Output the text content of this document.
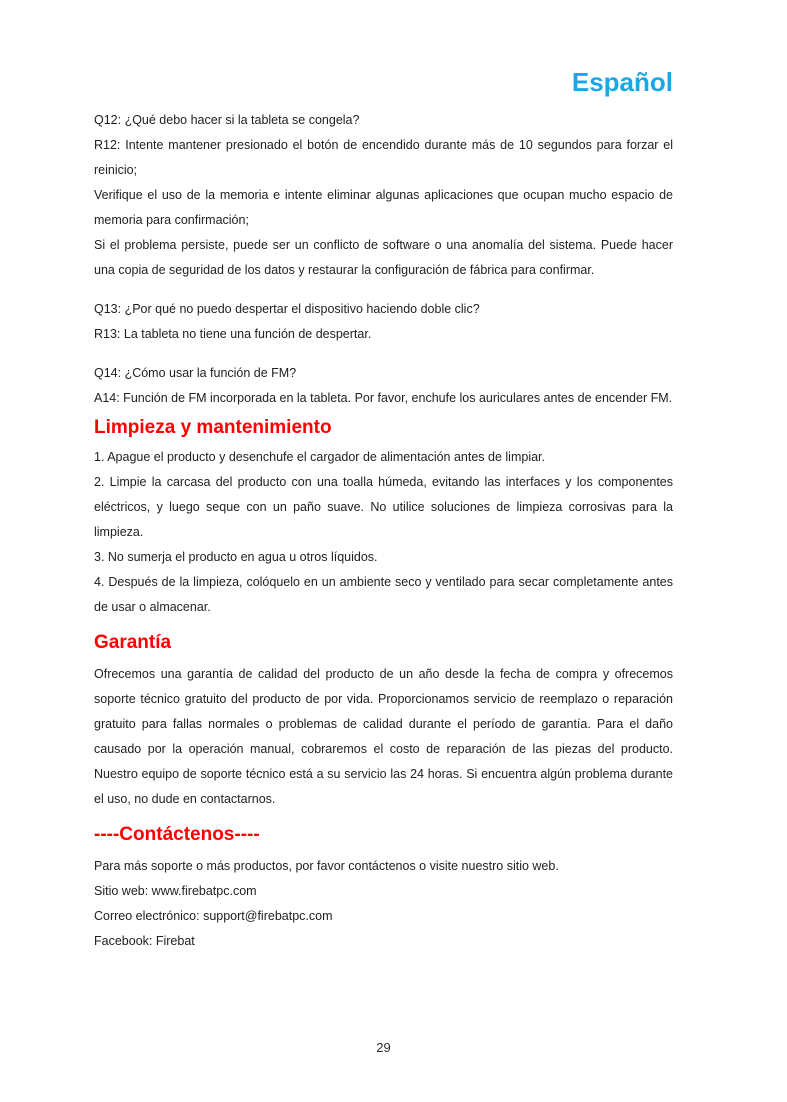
Español

Q12: ¿Qué debo hacer si la tableta se congela?

R12: Intente mantener presionado el botón de encendido durante más de 10 segundos para forzar el reinicio;

Verifique el uso de la memoria e intente eliminar algunas aplicaciones que ocupan mucho espacio de memoria para confirmación;

Si el problema persiste, puede ser un conflicto de software o una anomalía del sistema. Puede hacer una copia de seguridad de los datos y restaurar la configuración de fábrica para confirmar.

Q13: ¿Por qué no puedo despertar el dispositivo haciendo doble clic?

R13: La tableta no tiene una función de despertar.

Q14: ¿Cómo usar la función de FM?

A14: Función de FM incorporada en la tableta. Por favor, enchufe los auriculares antes de encender FM.

Limpieza y mantenimiento

1. Apague el producto y desenchufe el cargador de alimentación antes de limpiar.

2. Limpie la carcasa del producto con una toalla húmeda, evitando las interfaces y los componentes eléctricos, y luego seque con un paño suave. No utilice soluciones de limpieza corrosivas para la limpieza.

3. No sumerja el producto en agua u otros líquidos.

4. Después de la limpieza, colóquelo en un ambiente seco y ventilado para secar completamente antes de usar o almacenar.

Garantía

Ofrecemos una garantía de calidad del producto de un año desde la fecha de compra y ofrecemos soporte técnico gratuito del producto de por vida. Proporcionamos servicio de reemplazo o reparación gratuito para fallas normales o problemas de calidad durante el período de garantía. Para el daño causado por la operación manual, cobraremos el costo de reparación de las piezas del producto. Nuestro equipo de soporte técnico está a su servicio las 24 horas. Si encuentra algún problema durante el uso, no dude en contactarnos.

----Contáctenos----

Para más soporte o más productos, por favor contáctenos o visite nuestro sitio web.

Sitio web: www.firebatpc.com

Correo electrónico: support@firebatpc.com

Facebook: Firebat

29
